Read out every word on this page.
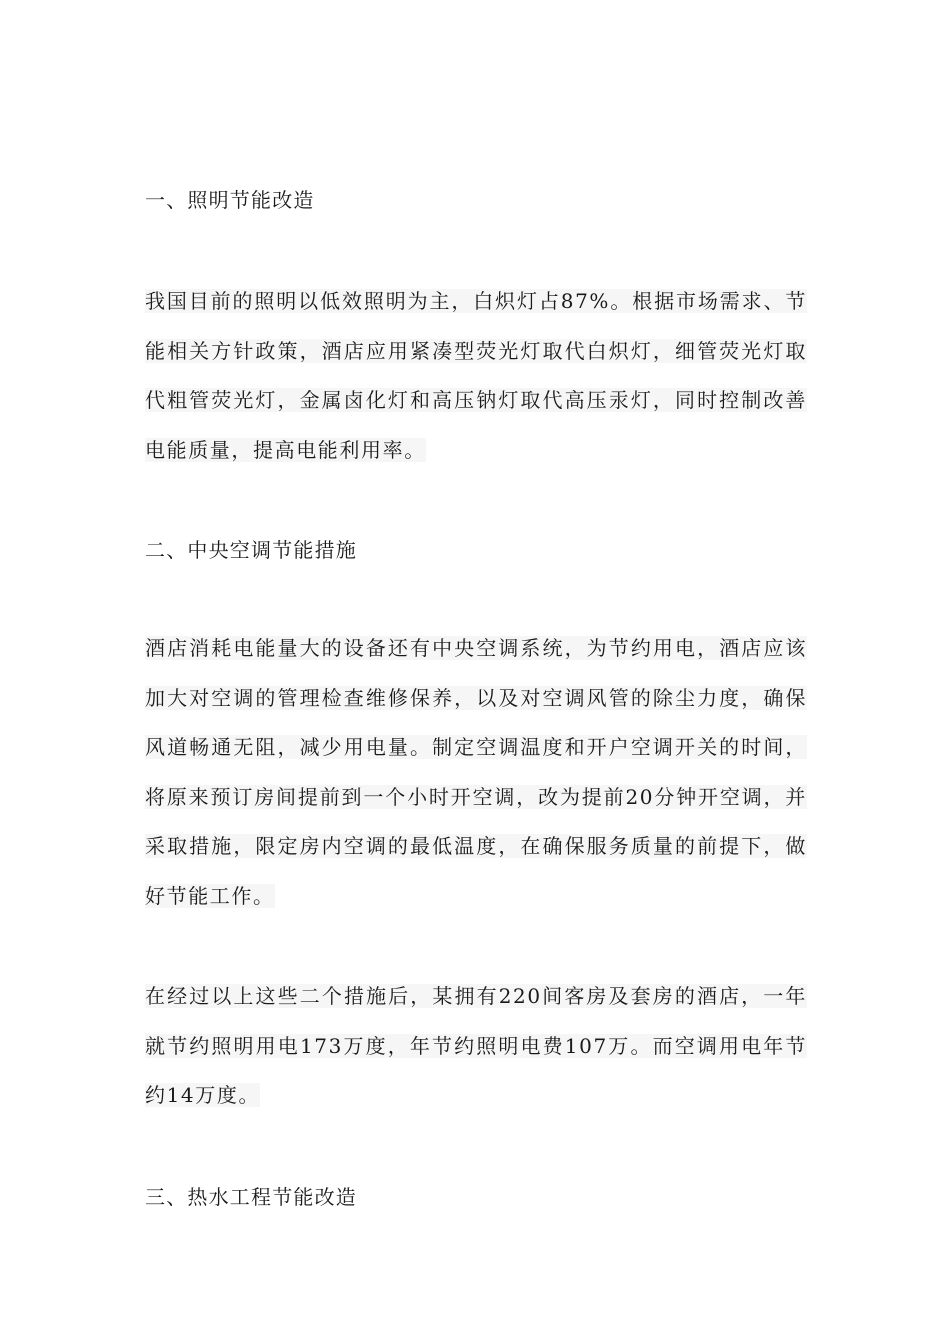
一、照明节能改造

我国目前的照明以低效照明为主，白炽灯占87%。根据市场需求、节能相关方针政策，酒店应用紧凑型荧光灯取代白炽灯，细管荧光灯取代粗管荧光灯，金属卤化灯和高压钠灯取代高压汞灯，同时控制改善电能质量，提高电能利用率。

二、中央空调节能措施

酒店消耗电能量大的设备还有中央空调系统，为节约用电，酒店应该加大对空调的管理检查维修保养，以及对空调风管的除尘力度，确保风道畅通无阻，减少用电量。制定空调温度和开户空调开关的时间，将原来预订房间提前到一个小时开空调，改为提前20分钟开空调，并采取措施，限定房内空调的最低温度，在确保服务质量的前提下，做好节能工作。

在经过以上这些二个措施后，某拥有220间客房及套房的酒店，一年就节约照明用电173万度，年节约照明电费107万。而空调用电年节约14万度。

三、热水工程节能改造
